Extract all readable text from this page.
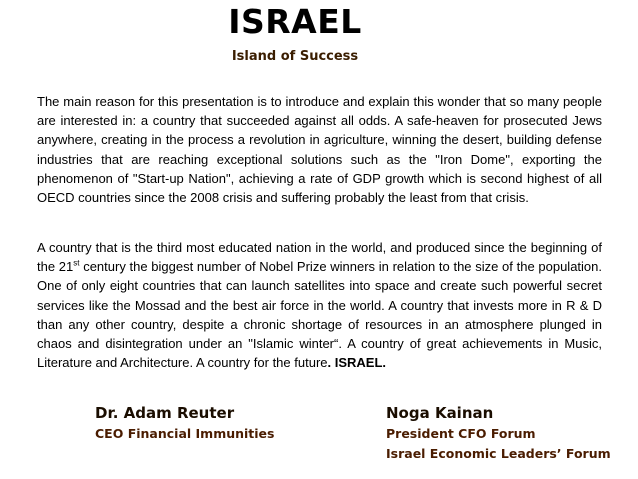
ISRAEL
Island of Success

The main reason for this presentation is to introduce and explain this wonder that so many people are interested in: a country that succeeded against all odds. A safe-heaven for prosecuted Jews anywhere, creating in the process a revolution in agriculture, winning the desert, building defense industries that are reaching exceptional solutions such as the "Iron Dome", exporting the phenomenon of "Start-up Nation", achieving a rate of GDP growth which is second highest of all OECD countries since the 2008 crisis and suffering probably the least from that crisis.

A country that is the third most educated nation in the world, and produced since the beginning of the 21st century the biggest number of Nobel Prize winners in relation to the size of the population. One of only eight countries that can launch satellites into space and create such powerful secret services like the Mossad and the best air force in the world. A country that invests more in R & D than any other country, despite a chronic shortage of resources in an atmosphere plunged in chaos and disintegration under an "Islamic winter“. A country of great achievements in Music, Literature and Architecture. A country for the future. ISRAEL.

Dr. Adam Reuter
CEO Financial Immunities
Noga Kainan
President CFO Forum
Israel Economic Leaders’ Forum
